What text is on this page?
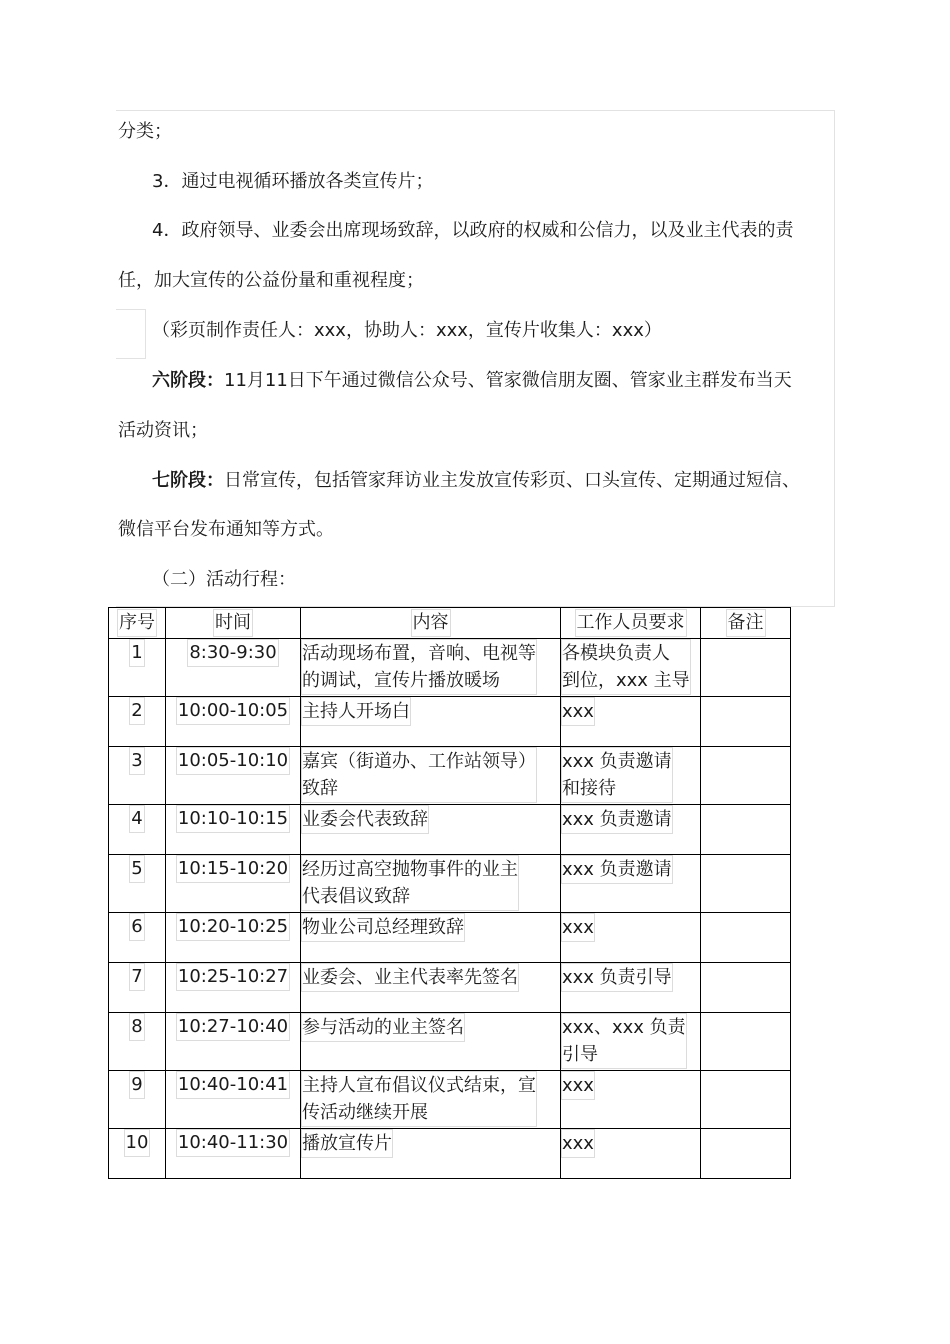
分类；
3．通过电视循环播放各类宣传片；
4．政府领导、业委会出席现场致辞，以政府的权威和公信力，以及业主代表的责
任，加大宣传的公益份量和重视程度；
（彩页制作责任人：xxx，协助人：xxx，宣传片收集人：xxx）
六阶段：11月11日下午通过微信公众号、管家微信朋友圈、管家业主群发布当天
活动资讯；
七阶段：日常宣传，包括管家拜访业主发放宣传彩页、口头宣传、定期通过短信、
微信平台发布通知等方式。
（二）活动行程：
序号	时间	内容	工作人员要求	备注
1	8:30-9:30	活动现场布置，音响、电视等
的调试，宣传片播放暖场	各模块负责人
到位，xxx 主导	
2	10:00-10:05	主持人开场白	xxx	
3	10:05-10:10	嘉宾（街道办、工作站领导）
致辞	xxx 负责邀请
和接待	
4	10:10-10:15	业委会代表致辞	xxx 负责邀请	
5	10:15-10:20	经历过高空抛物事件的业主
代表倡议致辞	xxx 负责邀请	
6	10:20-10:25	物业公司总经理致辞	xxx	
7	10:25-10:27	业委会、业主代表率先签名	xxx 负责引导	
8	10:27-10:40	参与活动的业主签名	xxx、xxx 负责
引导	
9	10:40-10:41	主持人宣布倡议仪式结束，宣
传活动继续开展	xxx	
10	10:40-11:30	播放宣传片	xxx	
